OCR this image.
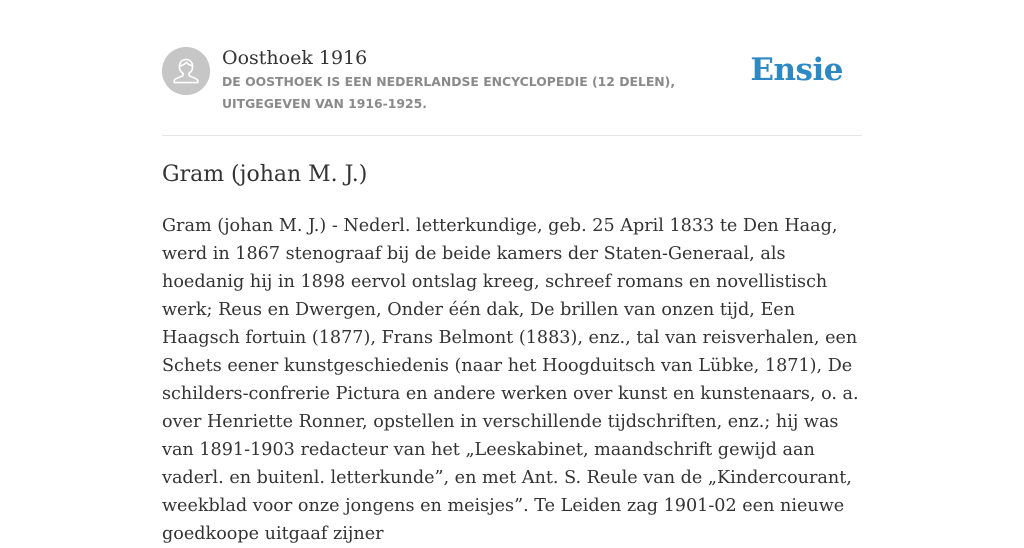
Oosthoek 1916
DE OOSTHOEK IS EEN NEDERLANDSE ENCYCLOPEDIE (12 DELEN), UITGEGEVEN VAN 1916-1925.
Ensie
Gram (johan M. J.)

Gram (johan M. J.) - Nederl. letterkundige, geb. 25 April 1833 te Den Haag, werd in 1867 stenograaf bij de beide kamers der Staten-Generaal, als hoedanig hij in 1898 eervol ontslag kreeg, schreef romans en novellistisch werk; Reus en Dwergen, Onder één dak, De brillen van onzen tijd, Een Haagsch fortuin (1877), Frans Belmont (1883), enz., tal van reisverhalen, een Schets eener kunstgeschiedenis (naar het Hoogduitsch van Lübke, 1871), De schilders-confrerie Pictura en andere werken over kunst en kunstenaars, o. a. over Henriette Ronner, opstellen in verschillende tijdschriften, enz.; hij was van 1891-1903 redacteur van het „Leeskabinet, maandschrift gewijd aan vaderl. en buitenl. letterkunde”, en met Ant. S. Reule van de „Kindercourant, weekblad voor onze jongens en meisjes”. Te Leiden zag 1901-02 een nieuwe goedkoope uitgaaf zijner
